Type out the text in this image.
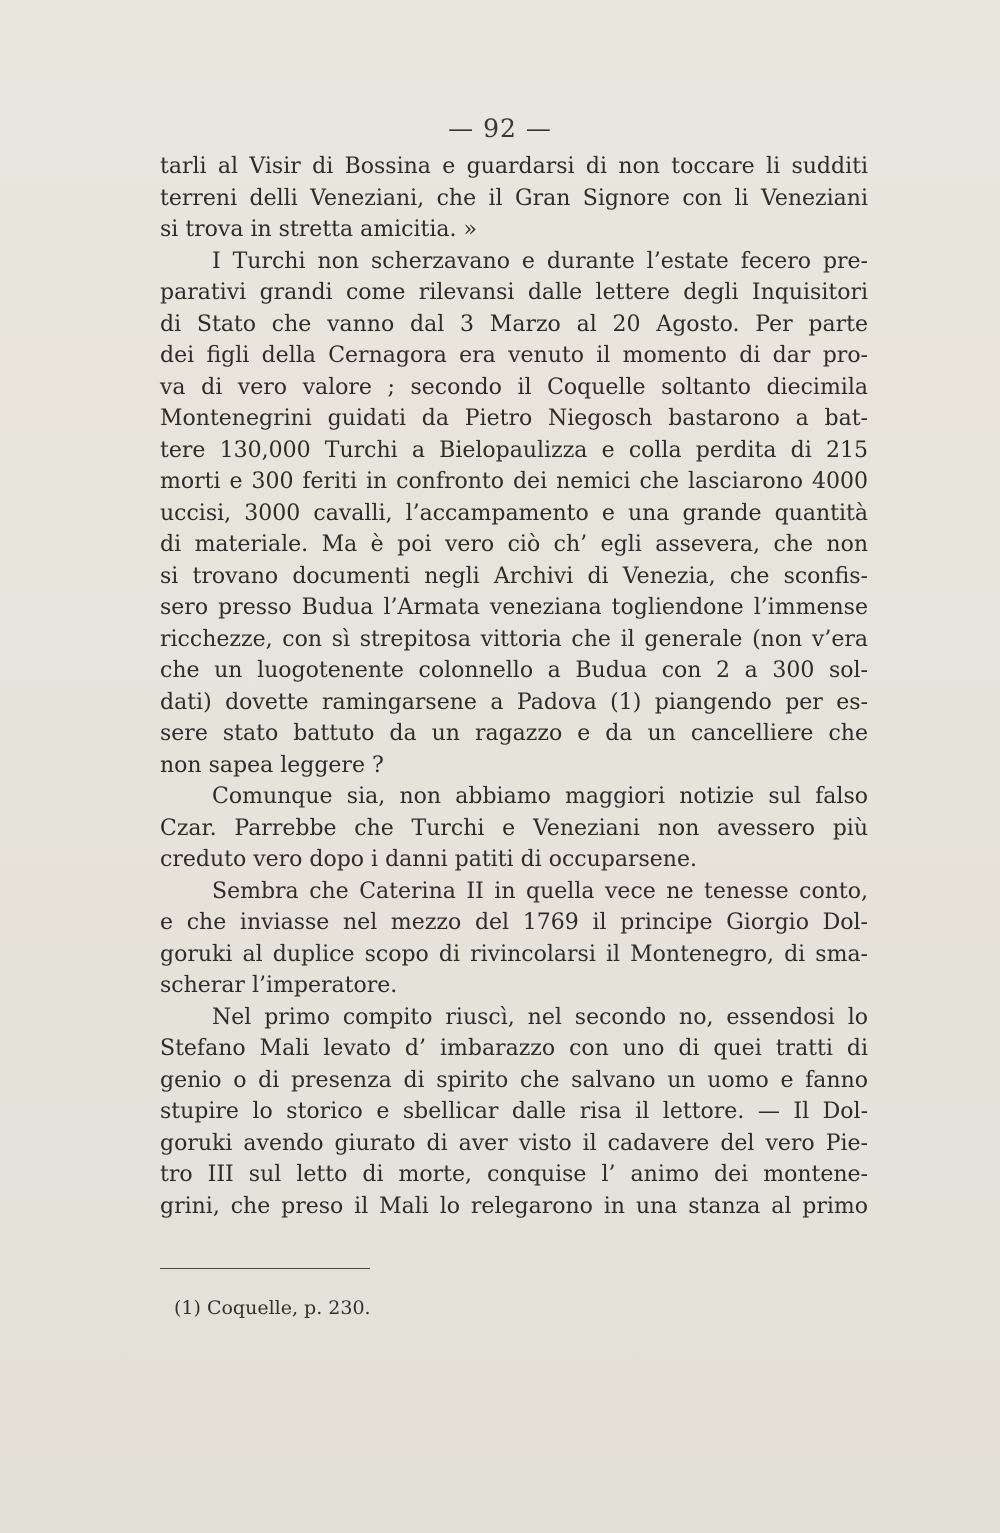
— 92 —
tarli al Visir di Bossina e guardarsi di non toccare li sudditi
terreni delli Veneziani, che il Gran Signore con li Veneziani
si trova in stretta amicitia. »
I Turchi non scherzavano e durante l’estate fecero pre-
parativi grandi come rilevansi dalle lettere degli Inquisitori
di Stato che vanno dal 3 Marzo al 20 Agosto. Per parte
dei figli della Cernagora era venuto il momento di dar pro-
va di vero valore ; secondo il Coquelle soltanto diecimila
Montenegrini guidati da Pietro Niegosch bastarono a bat-
tere 130,000 Turchi a Bielopaulizza e colla perdita di 215
morti e 300 feriti in confronto dei nemici che lasciarono 4000
uccisi, 3000 cavalli, l’accampamento e una grande quantità
di materiale. Ma è poi vero ciò ch’ egli assevera, che non
si trovano documenti negli Archivi di Venezia, che sconfis-
sero presso Budua l’Armata veneziana togliendone l’immense
ricchezze, con sì strepitosa vittoria che il generale (non v’era
che un luogotenente colonnello a Budua con 2 a 300 sol-
dati) dovette ramingarsene a Padova (1) piangendo per es-
sere stato battuto da un ragazzo e da un cancelliere che
non sapea leggere ?
Comunque sia, non abbiamo maggiori notizie sul falso
Czar. Parrebbe che Turchi e Veneziani non avessero più
creduto vero dopo i danni patiti di occuparsene.
Sembra che Caterina II in quella vece ne tenesse conto,
e che inviasse nel mezzo del 1769 il principe Giorgio Dol-
goruki al duplice scopo di rivincolarsi il Montenegro, di sma-
scherar l’imperatore.
Nel primo compito riuscì, nel secondo no, essendosi lo
Stefano Mali levato d’ imbarazzo con uno di quei tratti di
genio o di presenza di spirito che salvano un uomo e fanno
stupire lo storico e sbellicar dalle risa il lettore. — Il Dol-
goruki avendo giurato di aver visto il cadavere del vero Pie-
tro III sul letto di morte, conquise l’ animo dei montene-
grini, che preso il Mali lo relegarono in una stanza al primo
(1) Coquelle, p. 230.
